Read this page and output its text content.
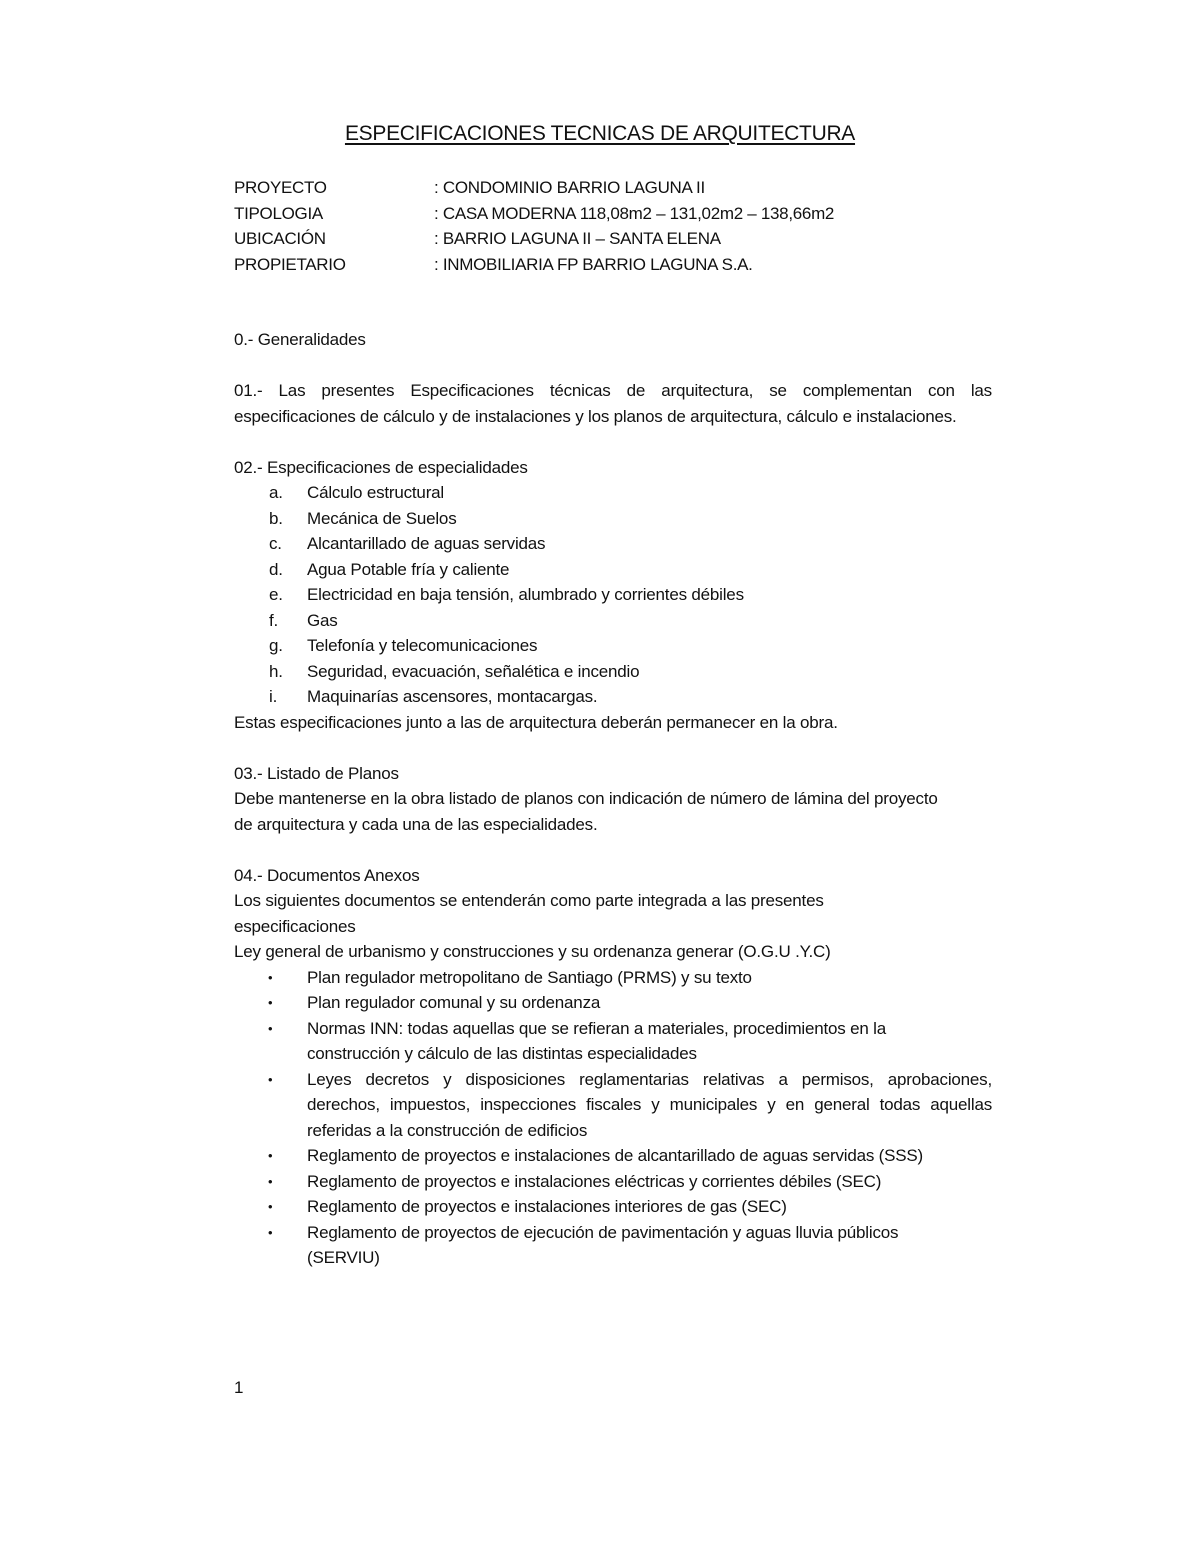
ESPECIFICACIONES TECNICAS DE ARQUITECTURA
PROYECTO	: CONDOMINIO BARRIO LAGUNA II
TIPOLOGIA	: CASA MODERNA 118,08m2 – 131,02m2 – 138,66m2
UBICACIÓN	: BARRIO LAGUNA II – SANTA ELENA
PROPIETARIO	: INMOBILIARIA FP BARRIO LAGUNA S.A.
0.- Generalidades
01.- Las presentes Especificaciones técnicas de arquitectura, se complementan con las especificaciones de cálculo y de instalaciones y los planos de arquitectura, cálculo e instalaciones.
02.- Especificaciones de especialidades
a. Cálculo estructural
b. Mecánica de Suelos
c. Alcantarillado de aguas servidas
d. Agua Potable fría y caliente
e. Electricidad en baja tensión, alumbrado y corrientes débiles
f. Gas
g. Telefonía y telecomunicaciones
h. Seguridad, evacuación, señalética e incendio
i. Maquinarías ascensores, montacargas.
Estas especificaciones junto a las de arquitectura deberán permanecer en la obra.
03.- Listado de Planos
Debe mantenerse en la obra listado de planos con indicación de número de lámina del proyecto de arquitectura y cada una de las especialidades.
04.- Documentos Anexos
Los siguientes documentos se entenderán como parte integrada a las presentes especificaciones
Ley general de urbanismo y construcciones y su ordenanza generar (O.G.U .Y.C)
• Plan regulador metropolitano de Santiago (PRMS) y su texto
• Plan regulador comunal y su ordenanza
• Normas INN: todas aquellas que se refieran a materiales, procedimientos en la construcción y cálculo de las distintas especialidades
• Leyes decretos y disposiciones reglamentarias relativas a permisos, aprobaciones, derechos, impuestos, inspecciones fiscales y municipales y en general todas aquellas referidas a la construcción de edificios
• Reglamento de proyectos e instalaciones de alcantarillado de aguas servidas (SSS)
• Reglamento de proyectos e instalaciones eléctricas y corrientes débiles (SEC)
• Reglamento de proyectos e instalaciones interiores de gas (SEC)
• Reglamento de proyectos de ejecución de pavimentación y aguas lluvia públicos (SERVIU)
1
